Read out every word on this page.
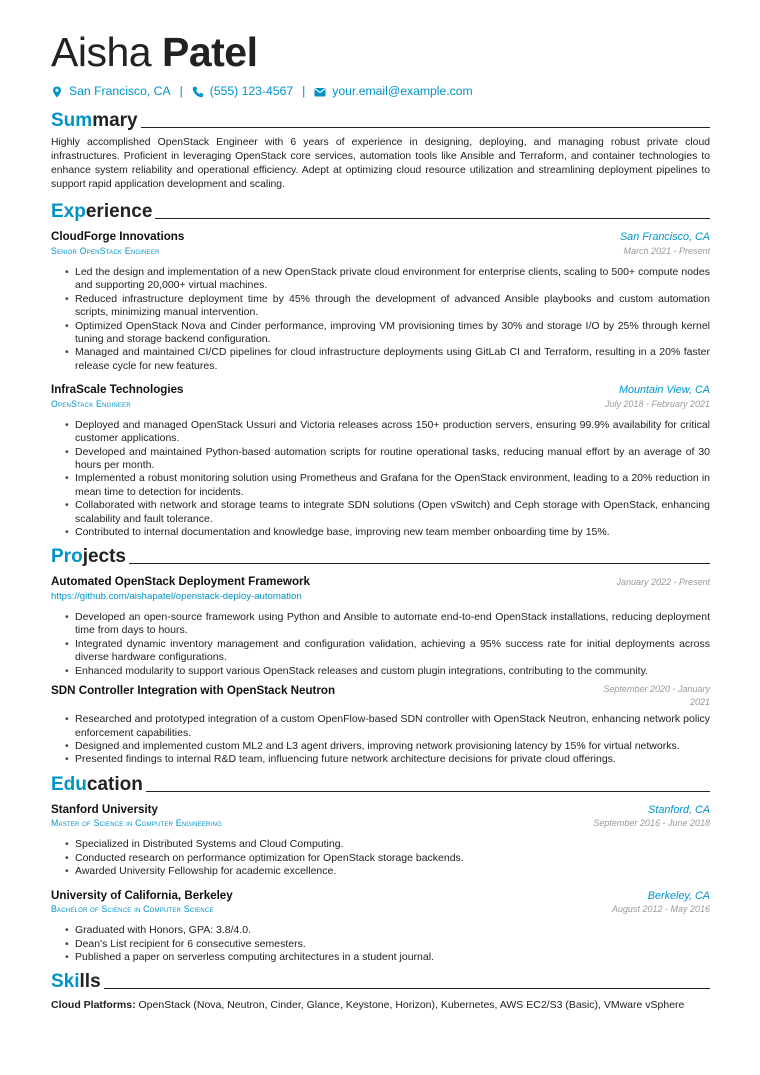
Aisha Patel
San Francisco, CA | (555) 123-4567 | your.email@example.com
Summary

Highly accomplished OpenStack Engineer with 6 years of experience in designing, deploying, and managing robust private cloud infrastructures. Proficient in leveraging OpenStack core services, automation tools like Ansible and Terraform, and container technologies to enhance system reliability and operational efficiency. Adept at optimizing cloud resource utilization and streamlining deployment pipelines to support rapid application development and scaling.

Experience
CloudForge Innovations	San Francisco, CA
Senior OpenStack Engineer	March 2021 - Present
• Led the design and implementation of a new OpenStack private cloud environment for enterprise clients, scaling to 500+ compute nodes and supporting 20,000+ virtual machines.
• Reduced infrastructure deployment time by 45% through the development of advanced Ansible playbooks and custom automation scripts, minimizing manual intervention.
• Optimized OpenStack Nova and Cinder performance, improving VM provisioning times by 30% and storage I/O by 25% through kernel tuning and storage backend configuration.
• Managed and maintained CI/CD pipelines for cloud infrastructure deployments using GitLab CI and Terraform, resulting in a 20% faster release cycle for new features.
InfraScale Technologies	Mountain View, CA
OpenStack Engineer	July 2018 - February 2021
• Deployed and managed OpenStack Ussuri and Victoria releases across 150+ production servers, ensuring 99.9% availability for critical customer applications.
• Developed and maintained Python-based automation scripts for routine operational tasks, reducing manual effort by an average of 30 hours per month.
• Implemented a robust monitoring solution using Prometheus and Grafana for the OpenStack environment, leading to a 20% reduction in mean time to detection for incidents.
• Collaborated with network and storage teams to integrate SDN solutions (Open vSwitch) and Ceph storage with OpenStack, enhancing scalability and fault tolerance.
• Contributed to internal documentation and knowledge base, improving new team member onboarding time by 15%.
Projects
Automated OpenStack Deployment Framework	January 2022 - Present
https://github.com/aishapatel/openstack-deploy-automation
• Developed an open-source framework using Python and Ansible to automate end-to-end OpenStack installations, reducing deployment time from days to hours.
• Integrated dynamic inventory management and configuration validation, achieving a 95% success rate for initial deployments across diverse hardware configurations.
• Enhanced modularity to support various OpenStack releases and custom plugin integrations, contributing to the community.
SDN Controller Integration with OpenStack Neutron	September 2020 - January 2021
• Researched and prototyped integration of a custom OpenFlow-based SDN controller with OpenStack Neutron, enhancing network policy enforcement capabilities.
• Designed and implemented custom ML2 and L3 agent drivers, improving network provisioning latency by 15% for virtual networks.
• Presented findings to internal R&D team, influencing future network architecture decisions for private cloud offerings.
Education
Stanford University	Stanford, CA
Master of Science in Computer Engineering	September 2016 - June 2018
• Specialized in Distributed Systems and Cloud Computing.
• Conducted research on performance optimization for OpenStack storage backends.
• Awarded University Fellowship for academic excellence.
University of California, Berkeley	Berkeley, CA
Bachelor of Science in Computer Science	August 2012 - May 2016
• Graduated with Honors, GPA: 3.8/4.0.
• Dean's List recipient for 6 consecutive semesters.
• Published a paper on serverless computing architectures in a student journal.
Skills
Cloud Platforms: OpenStack (Nova, Neutron, Cinder, Glance, Keystone, Horizon), Kubernetes, AWS EC2/S3 (Basic), VMware vSphere
